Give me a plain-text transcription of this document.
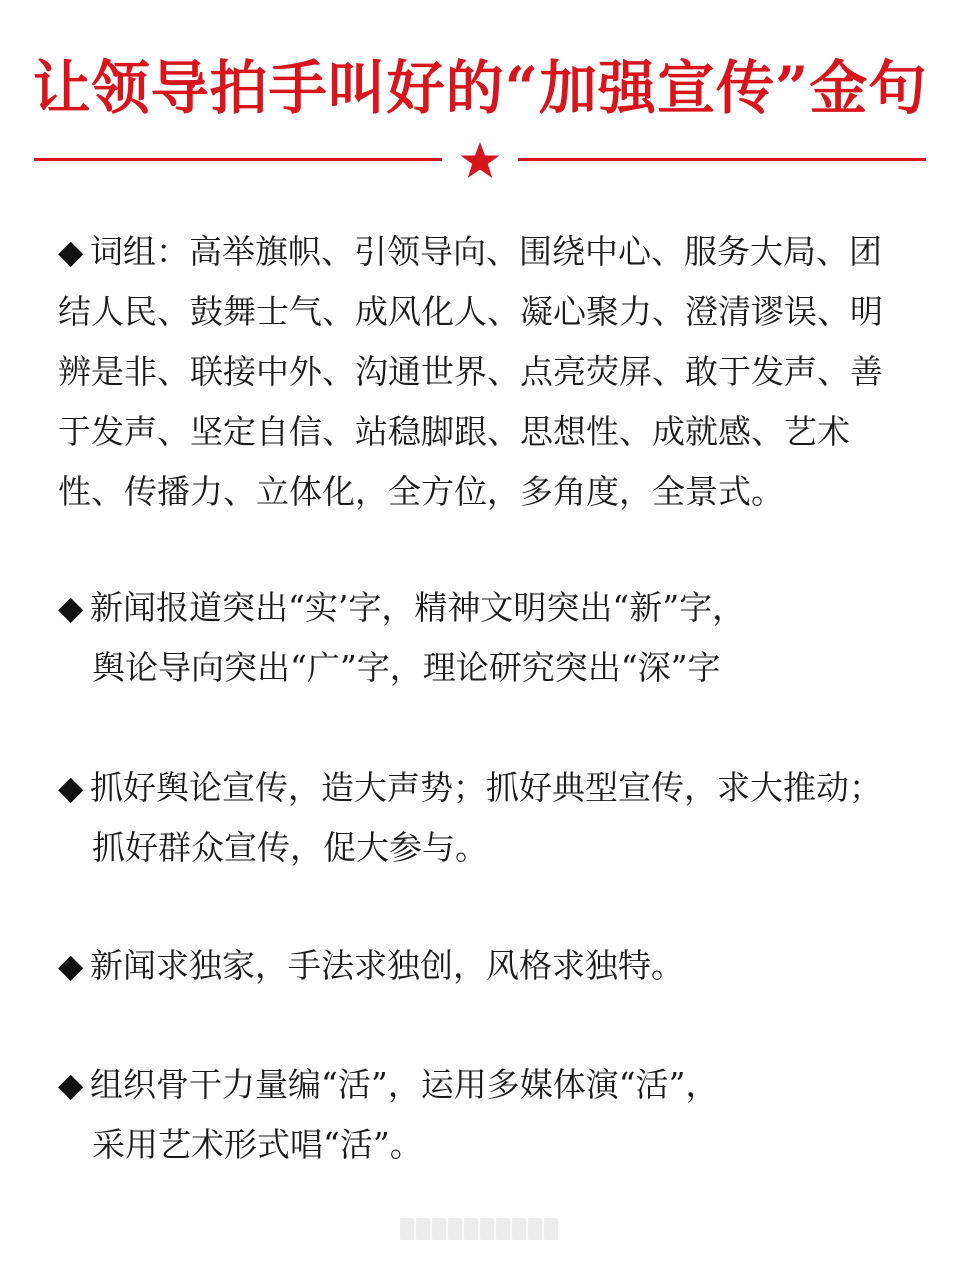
让领导拍手叫好的“加强宣传”金句
◆ 词组：高举旗帜、引领导向、围绕中心、服务大局、团
结人民、鼓舞士气、成风化人、凝心聚力、澄清谬误、明
辨是非、联接中外、沟通世界、点亮荧屏、敢于发声、善
于发声、坚定自信、站稳脚跟、思想性、成就感、艺术
性、传播力、立体化，全方位，多角度，全景式。
◆ 新闻报道突出“实’字，精神文明突出“新”字，
舆论导向突出“广”字，理论研究突出“深”字
◆ 抓好舆论宣传，造大声势；抓好典型宣传，求大推动；
抓好群众宣传，促大参与。
◆ 新闻求独家，手法求独创，风格求独特。
◆ 组织骨干力量编“活”，运用多媒体演“活”，
采用艺术形式唱“活”。
